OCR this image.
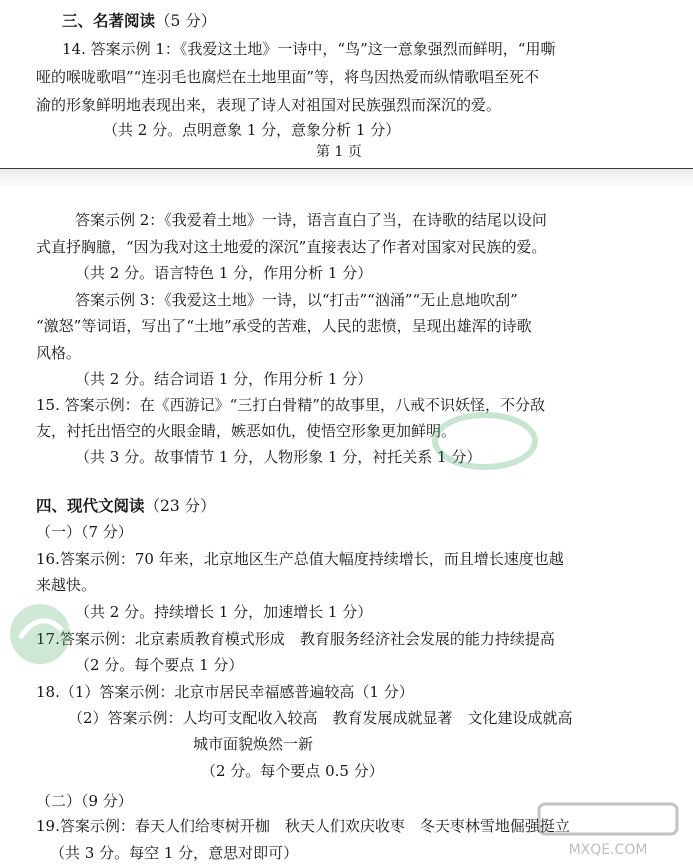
三、名著阅读（5 分）
14. 答案示例 1：《我爱这土地》一诗中，“鸟”这一意象强烈而鲜明，“用嘶
哑的喉咙歌唱”“连羽毛也腐烂在土地里面”等，将鸟因热爱而纵情歌唱至死不
渝的形象鲜明地表现出来，表现了诗人对祖国对民族强烈而深沉的爱。
（共 2 分。点明意象 1 分，意象分析 1 分）
第 1 页
答案示例 2：《我爱着土地》一诗，语言直白了当，在诗歌的结尾以设问
式直抒胸臆，“因为我对这土地爱的深沉”直接表达了作者对国家对民族的爱。
（共 2 分。语言特色 1 分，作用分析 1 分）
答案示例 3：《我爱这土地》一诗，以“打击”“汹涌”“无止息地吹刮”
“激怒”等词语，写出了“土地”承受的苦难，人民的悲愤，呈现出雄浑的诗歌
风格。
（共 2 分。结合词语 1 分，作用分析 1 分）
15. 答案示例：在《西游记》“三打白骨精”的故事里，八戒不识妖怪，不分敌
友，衬托出悟空的火眼金睛，嫉恶如仇，使悟空形象更加鲜明。
（共 3 分。故事情节 1 分，人物形象 1 分，衬托关系 1 分）
四、现代文阅读（23 分）
（一）（7 分）
16.答案示例：70 年来，北京地区生产总值大幅度持续增长，而且增长速度也越
来越快。
（共 2 分。持续增长 1 分，加速增长 1 分）
17.答案示例：北京素质教育模式形成　教育服务经济社会发展的能力持续提高
（2 分。每个要点 1 分）
18.（1）答案示例：北京市居民幸福感普遍较高（1 分）
（2）答案示例：人均可支配收入较高　教育发展成就显著　文化建设成就高
城市面貌焕然一新
（2 分。每个要点 0.5 分）
（二）（9 分）
19.答案示例：春天人们给枣树开枷　秋天人们欢庆收枣　冬天枣林雪地倔强挺立
（共 3 分。每空 1 分，意思对即可）	MXQE.COM
